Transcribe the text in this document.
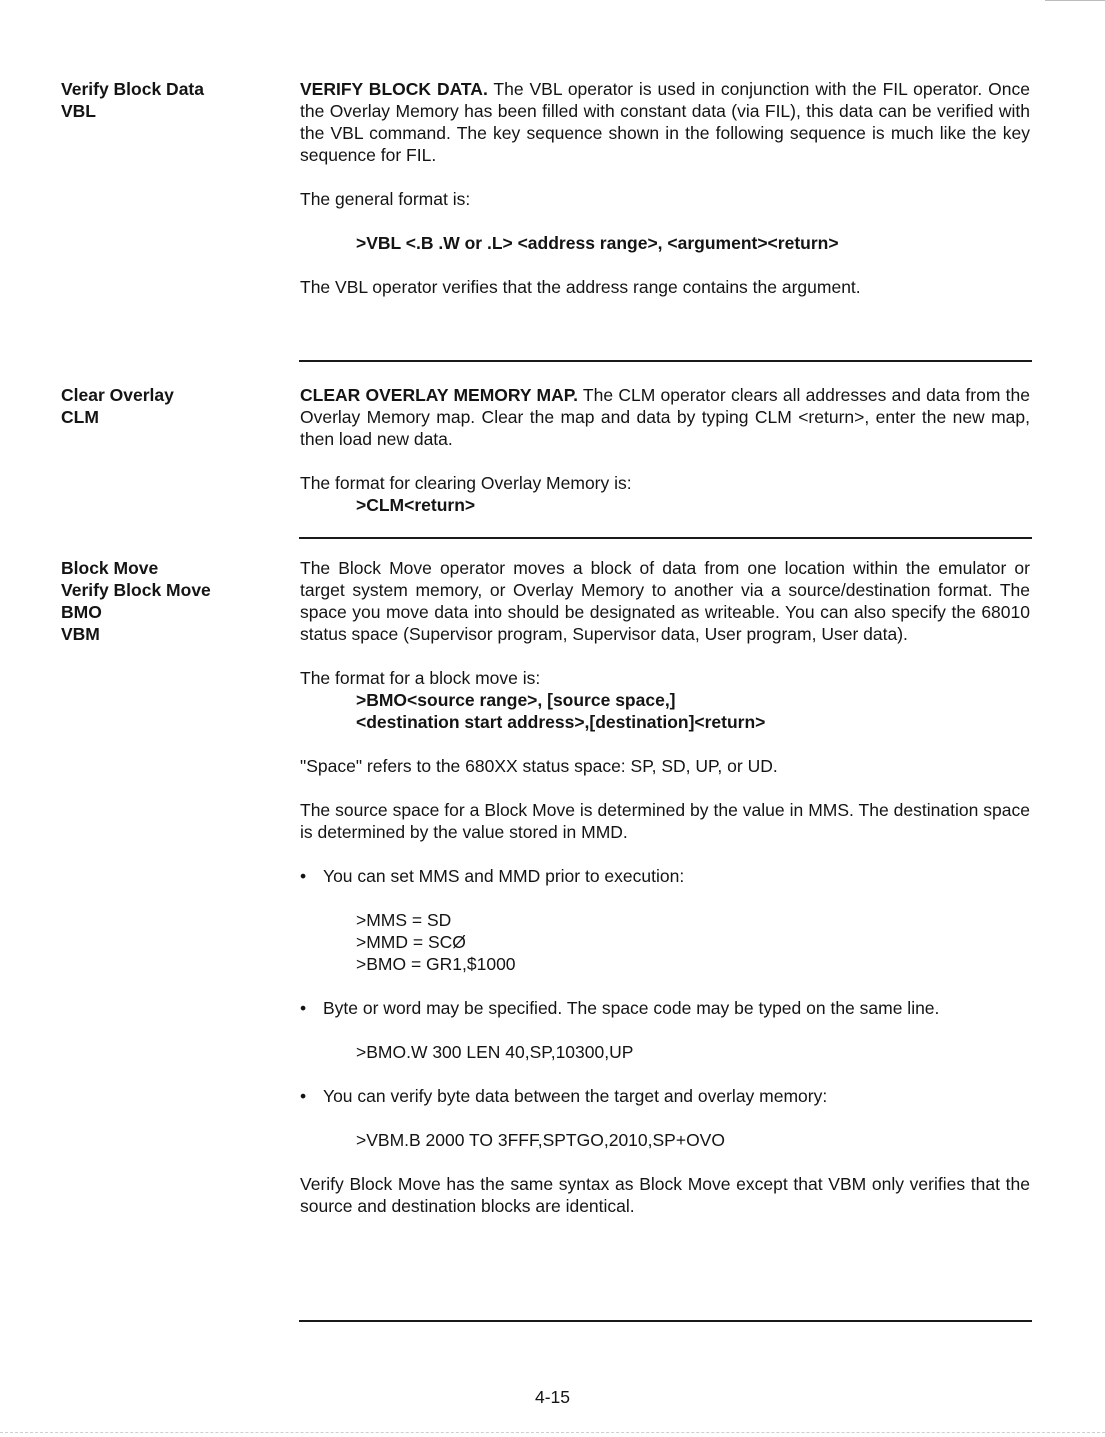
Verify Block Data
VBL

VERIFY BLOCK DATA. The VBL operator is used in conjunction with the FIL operator. Once the Overlay Memory has been filled with constant data (via FIL), this data can be verified with the VBL command. The key sequence shown in the following sequence is much like the key sequence for FIL.

The general format is:

>VBL <.B .W or .L> <address range>, <argument><return>

The VBL operator verifies that the address range contains the argument.

Clear Overlay
CLM

CLEAR OVERLAY MEMORY MAP. The CLM operator clears all addresses and data from the Overlay Memory map. Clear the map and data by typing CLM <return>, enter the new map, then load new data.

The format for clearing Overlay Memory is:

>CLM<return>
Block Move
Verify Block Move
BMO
VBM

The Block Move operator moves a block of data from one location within the emulator or target system memory, or Overlay Memory to another via a source/destination format. The space you move data into should be designated as writeable. You can also specify the 68010 status space (Supervisor program, Supervisor data, User program, User data).

The format for a block move is:

>BMO<source range>, [source space,]
<destination start address>,[destination]<return>

"Space" refers to the 680XX status space: SP, SD, UP, or UD.

The source space for a Block Move is determined by the value in MMS. The destination space is determined by the value stored in MMD.

• You can set MMS and MMD prior to execution:
>MMS = SD
>MMD = SCØ
>BMO = GR1,$1000
• Byte or word may be specified. The space code may be typed on the same line.
>BMO.W 300 LEN 40,SP,10300,UP
• You can verify byte data between the target and overlay memory:
>VBM.B 2000 TO 3FFF,SPTGO,2010,SP+OVO

Verify Block Move has the same syntax as Block Move except that VBM only verifies that the source and destination blocks are identical.

4-15
